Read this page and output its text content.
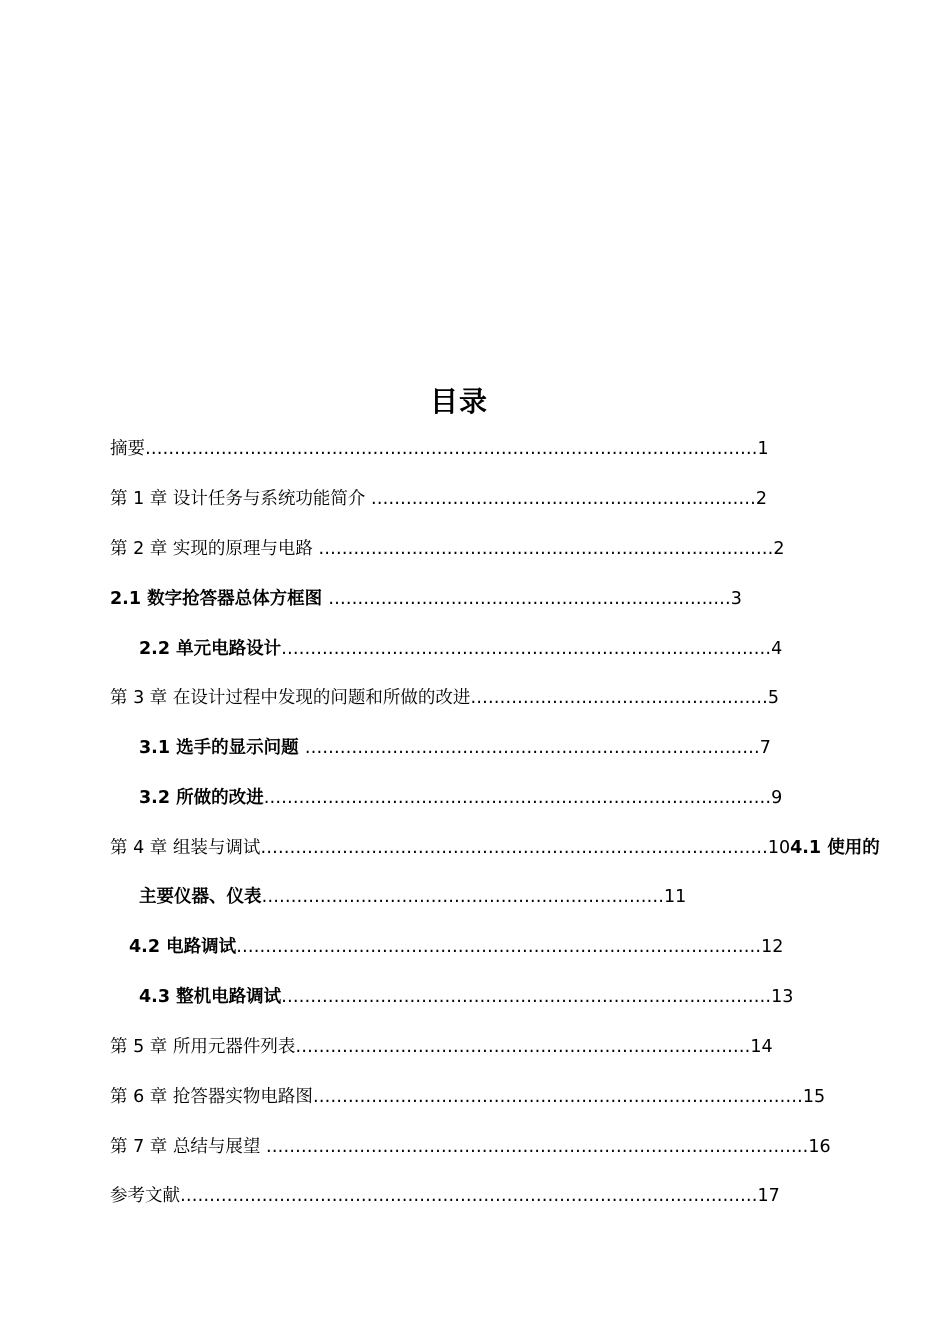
目录
摘要……………………………………………………………………………………………1
第 1 章 设计任务与系统功能简介 …………………………………………………………2
第 2 章 实现的原理与电路 ……………………………………………………………………2
2.1 数字抢答器总体方框图 ……………………………………………………………3
2.2 单元电路设计…………………………………………………………………………4
第 3 章 在设计过程中发现的问题和所做的改进……………………………………………5
3.1 选手的显示问题 ……………………………………………………………………7
3.2 所做的改进……………………………………………………………………………9
第 4 章 组装与调试……………………………………………………………………………104.1 使用的
主要仪器、仪表……………………………………………………………11
4.2 电路调试………………………………………………………………………………12
4.3 整机电路调试…………………………………………………………………………13
第 5 章 所用元器件列表……………………………………………………………………14
第 6 章 抢答器实物电路图…………………………………………………………………………15
第 7 章 总结与展望 …………………………………………………………………………………16
参考文献………………………………………………………………………………………17
